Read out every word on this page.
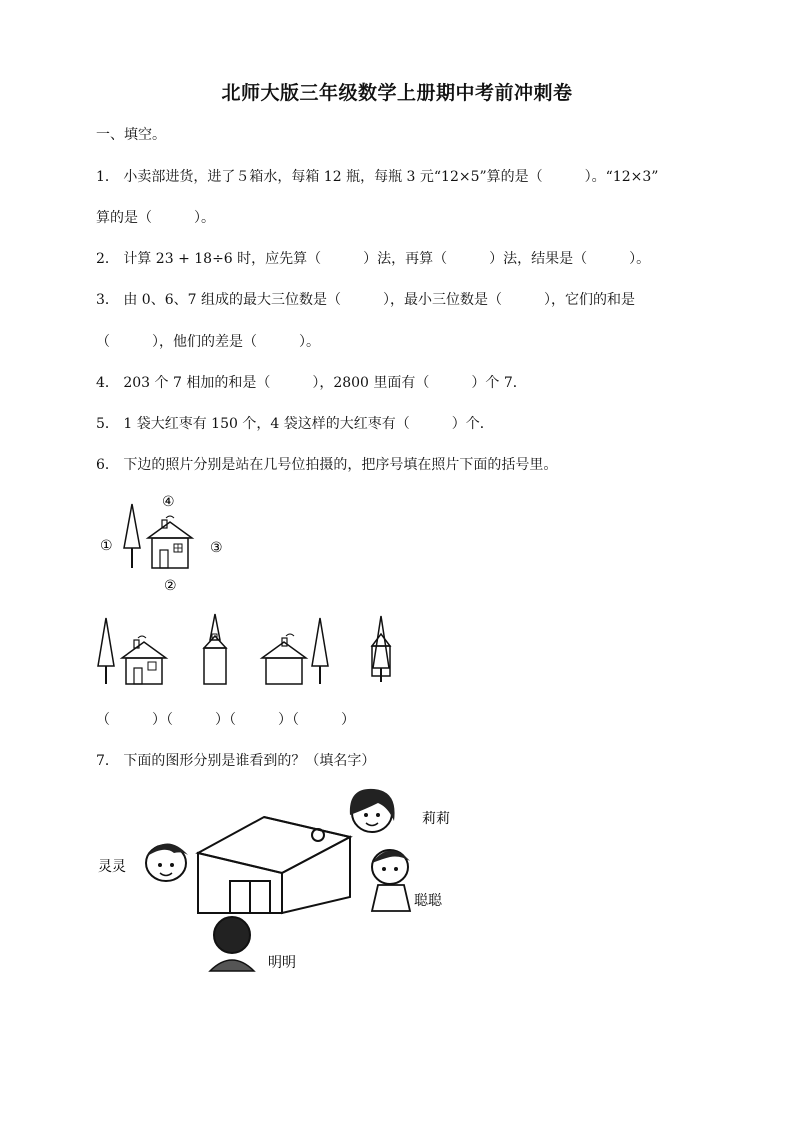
北师大版三年级数学上册期中考前冲刺卷
一、填空。
1． 小卖部进货，进了５箱水，每箱 12 瓶，每瓶 3 元“12×5”算的是（　　　）。“12×3”
算的是（　　　）。
2． 计算 23 + 18÷6 时，应先算（　　　）法，再算（　　　）法，结果是（　　　）。
3． 由 0、6、7 组成的最大三位数是（　　　），最小三位数是（　　　），它们的和是
（　　　），他们的差是（　　　）。
4． 203 个 7 相加的和是（　　　），2800 里面有（　　　）个 7．
5． 1 袋大红枣有 150 个，4 袋这样的大红枣有（　　　）个．
6． 下边的照片分别是站在几号位拍摄的，把序号填在照片下面的括号里。
①
②
③
④
（　　　）（　　　）（　　　）（　　　）
7． 下面的图形分别是谁看到的？（填名字）
灵灵
莉莉
聪聪
明明
